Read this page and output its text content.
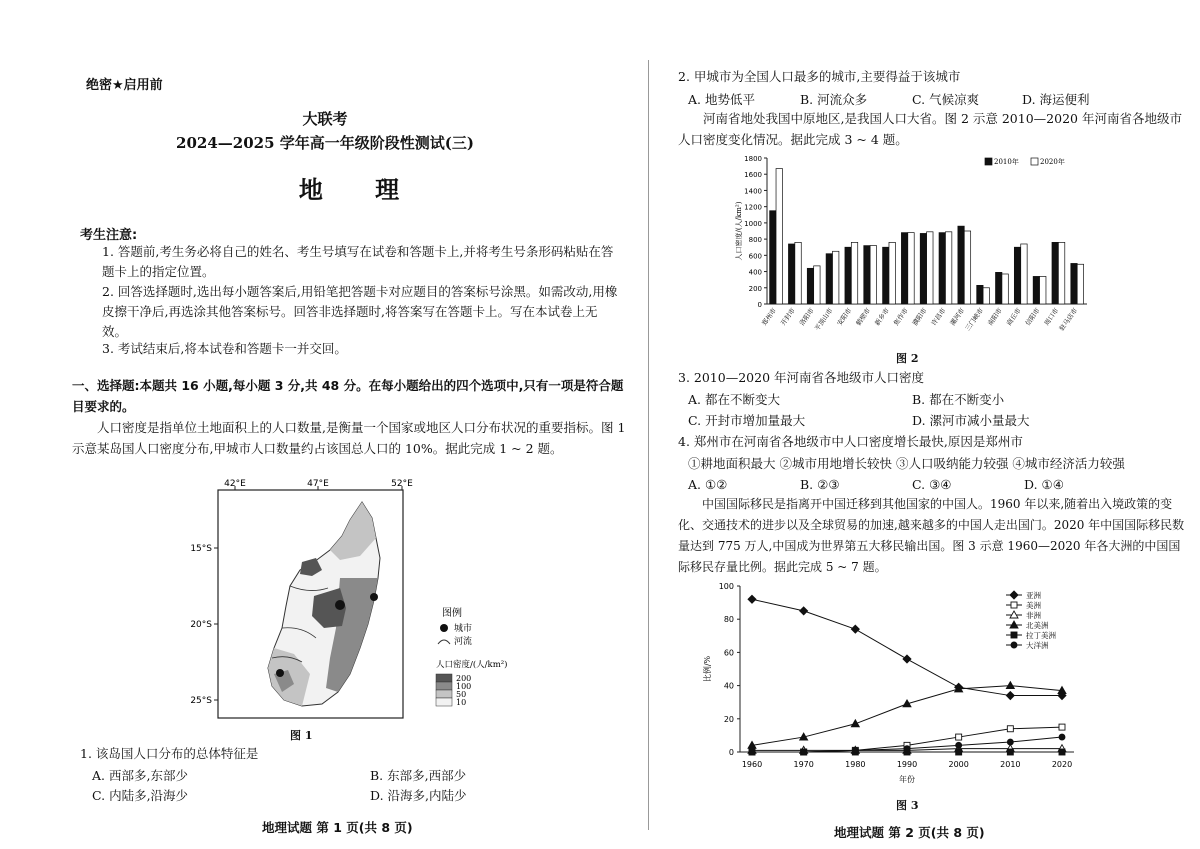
绝密★启用前
大联考
2024—2025 学年高一年级阶段性测试(三)
地 理
考生注意:
1. 答题前,考生务必将自己的姓名、考生号填写在试卷和答题卡上,并将考生号条形码粘贴在答题卡上的指定位置。
2. 回答选择题时,选出每小题答案后,用铅笔把答题卡对应题目的答案标号涂黑。如需改动,用橡皮擦干净后,再选涂其他答案标号。回答非选择题时,将答案写在答题卡上。写在本试卷上无效。
3. 考试结束后,将本试卷和答题卡一并交回。
一、选择题:本题共 16 小题,每小题 3 分,共 48 分。在每小题给出的四个选项中,只有一项是符合题目要求的。
人口密度是指单位土地面积上的人口数量,是衡量一个国家或地区人口分布状况的重要指标。图 1 示意某岛国人口密度分布,甲城市人口数量约占该国总人口的 10%。据此完成 1 ~ 2 题。
42°E	47°E	52°E
15°S
20°S
25°S
图例
城市
河流
人口密度/(人/km²)
200
100
50
10
图 1
1. 该岛国人口分布的总体特征是
A. 西部多,东部少	B. 东部多,西部少
C. 内陆多,沿海少	D. 沿海多,内陆少
地理试题 第 1 页(共 8 页)
2. 甲城市为全国人口最多的城市,主要得益于该城市
A. 地势低平	B. 河流众多	C. 气候凉爽	D. 海运便利
河南省地处我国中原地区,是我国人口大省。图 2 示意 2010—2020 年河南省各地级市人口密度变化情况。据此完成 3 ~ 4 题。
0
200
400
600
800
1000
1200
1400
1600
1800
人口密度/(人/km²)
郑州市 开封市 洛阳市
平顶山市 安阳市 鹤壁市 新乡市 焦作市 濮阳市 许昌市 漯河市
三门峡市 南阳市 商丘市 信阳市 周口市
驻马店市
2010年	2020年
图 2
3. 2010—2020 年河南省各地级市人口密度
A. 都在不断变大	B. 都在不断变小
C. 开封市增加量最大	D. 漯河市减小量最大
4. 郑州市在河南省各地级市中人口密度增长最快,原因是郑州市
①耕地面积最大 ②城市用地增长较快 ③人口吸纳能力较强 ④城市经济活力较强
A. ①②	B. ②③	C. ③④	D. ①④
中国国际移民是指离开中国迁移到其他国家的中国人。1960 年以来,随着出入境政策的变化、交通技术的进步以及全球贸易的加速,越来越多的中国人走出国门。2020 年中国国际移民数量达到 775 万人,中国成为世界第五大移民输出国。图 3 示意 1960—2020 年各大洲的中国国际移民存量比例。据此完成 5 ~ 7 题。
0
20
40
60
80
100
1960	1970	1980	1990	2000	2010	2020
年份
比例/%
亚洲
美洲
非洲
北美洲
拉丁美洲
大洋洲
图 3
地理试题 第 2 页(共 8 页)
